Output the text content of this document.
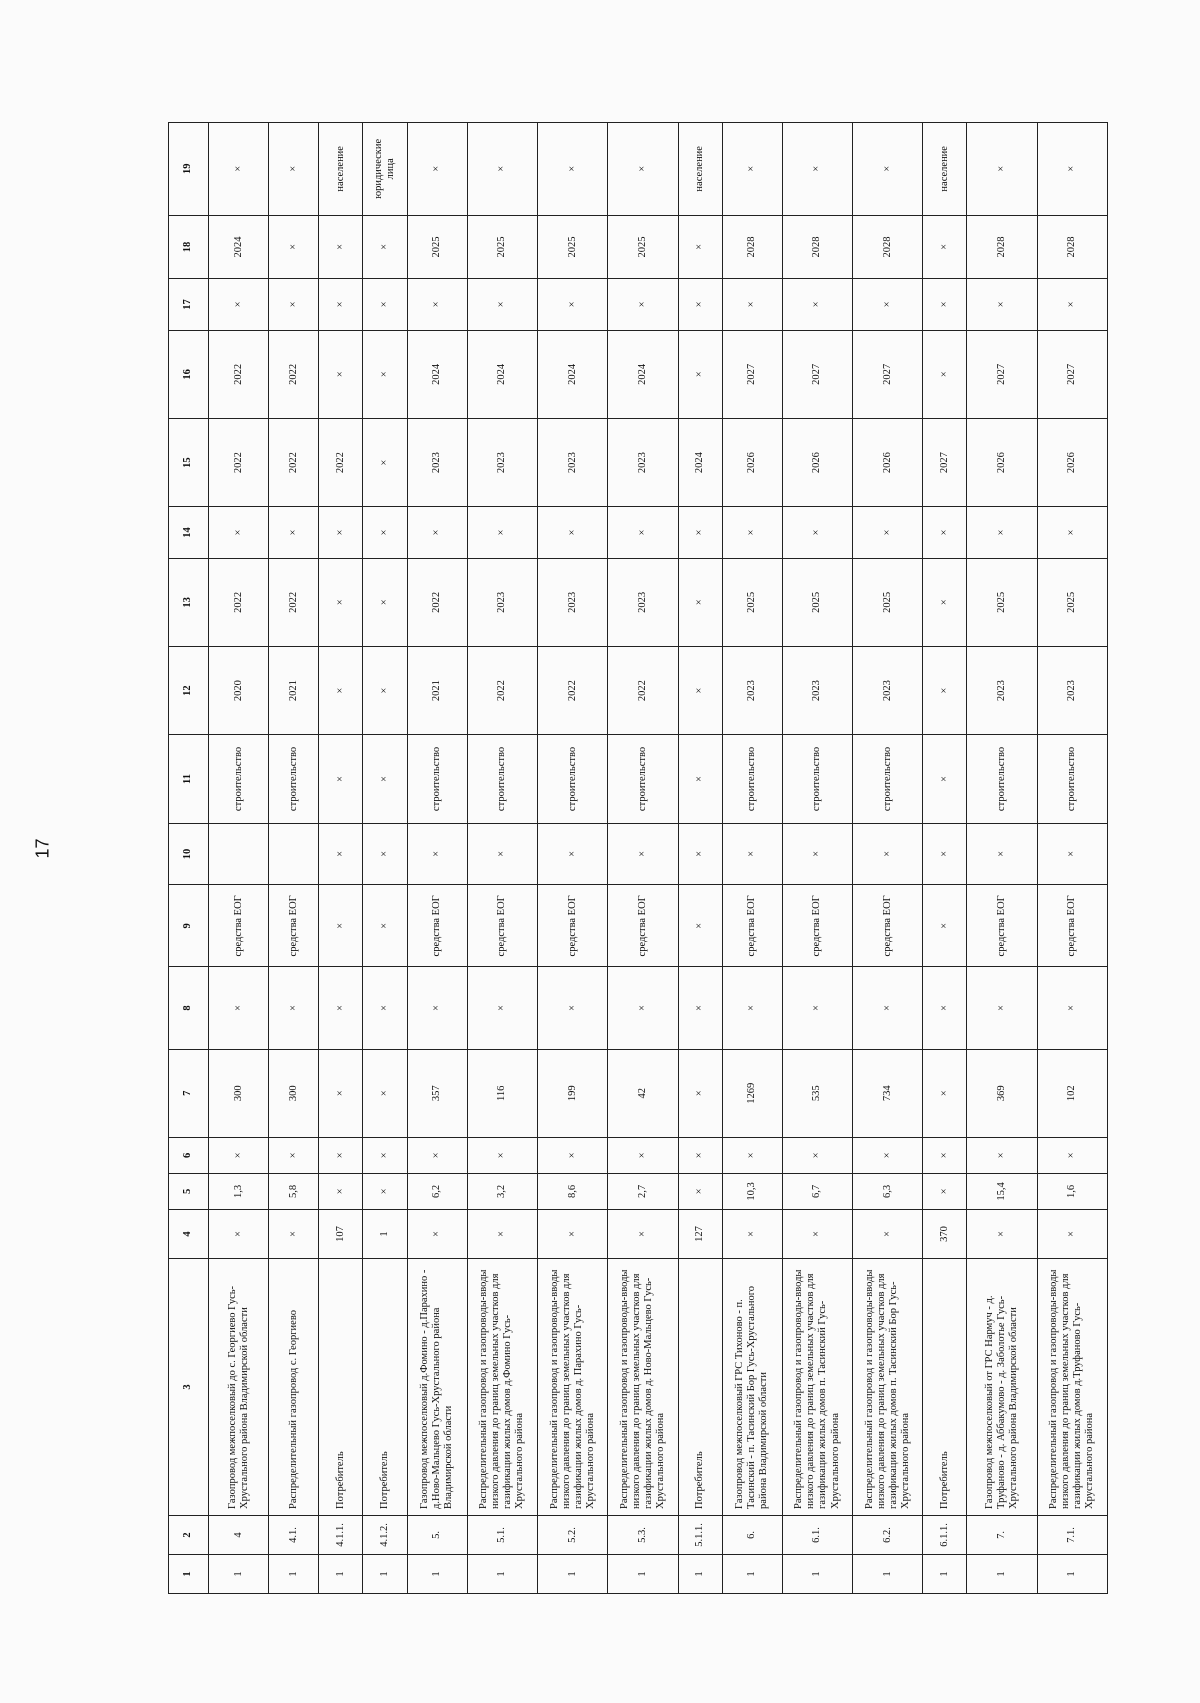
17
1	2	3	4	5	6	7	8	9	10	11	12	13	14	15	16	17	18	19
1	4	Газопровод межпоселковый до с. Георгиево Гусь-Хрустального района Владимирской области	×	1,3	×	300	×	средства ЕОГ		строительство	2020	2022	×	2022	2022	×	2024	×
1	4.1.	Распределительный газопровод с. Георгиево	×	5,8	×	300	×	средства ЕОГ		строительство	2021	2022	×	2022	2022	×	×	×
1	4.1.1.	Потребитель	107	×	×	×	×	×	×	×	×	×	×	2022	×	×	×	население
1	4.1.2.	Потребитель	1	×	×	×	×	×	×	×	×	×	×	×	×	×	×	юридические лица
1	5.	Газопровод межпоселковый д.Фомино - д.Парахино - д.Ново-Мальцево Гусь-Хрустального района Владимирской области	×	6,2	×	357	×	средства ЕОГ	×	строительство	2021	2022	×	2023	2024	×	2025	×
1	5.1.	Распределительный газопровод и газопроводы-вводы низкого давления до границ земельных участков для газификации жилых домов д.Фомино Гусь-Хрустального района	×	3,2	×	116	×	средства ЕОГ	×	строительство	2022	2023	×	2023	2024	×	2025	×
1	5.2.	Распределительный газопровод и газопроводы-вводы низкого давления до границ земельных участков для газификации жилых домов д. Парахино Гусь-Хрустального района	×	8,6	×	199	×	средства ЕОГ	×	строительство	2022	2023	×	2023	2024	×	2025	×
1	5.3.	Распределительный газопровод и газопроводы-вводы низкого давления до границ земельных участков для газификации жилых домов д. Ново-Мальцево Гусь-Хрустального района	×	2,7	×	42	×	средства ЕОГ	×	строительство	2022	2023	×	2023	2024	×	2025	×
1	5.1.1.	Потребитель	127	×	×	×	×	×	×	×	×	×	×	2024	×	×	×	население
1	6.	Газопровод межпоселковый ГРС Тихоново - п. Тасинский - п. Тасинский Бор Гусь-Хрустального района Владимирской области	×	10,3	×	1269	×	средства ЕОГ	×	строительство	2023	2025	×	2026	2027	×	2028	×
1	6.1.	Распределительный газопровод и газопроводы-вводы низкого давления до границ земельных участков для газификации жилых домов п. Тасинский Гусь-Хрустального района	×	6,7	×	535	×	средства ЕОГ	×	строительство	2023	2025	×	2026	2027	×	2028	×
1	6.2.	Распределительный газопровод и газопроводы-вводы низкого давления до границ земельных участков для газификации жилых домов п. Тасинский Бор Гусь-Хрустального района	×	6,3	×	734	×	средства ЕОГ	×	строительство	2023	2025	×	2026	2027	×	2028	×
1	6.1.1.	Потребитель	370	×	×	×	×	×	×	×	×	×	×	2027	×	×	×	население
1	7.	Газопровод межпоселковый от ГРС Нармуч - д. Труфаново - д. Аббакумово - д. Заболотье Гусь-Хрустального района Владимирской области	×	15,4	×	369	×	средства ЕОГ	×	строительство	2023	2025	×	2026	2027	×	2028	×
1	7.1.	Распределительный газопровод и газопроводы-вводы низкого давления до границ земельных участков для газификации жилых домов д.Труфаново Гусь-Хрустального района	×	1,6	×	102	×	средства ЕОГ	×	строительство	2023	2025	×	2026	2027	×	2028	×
